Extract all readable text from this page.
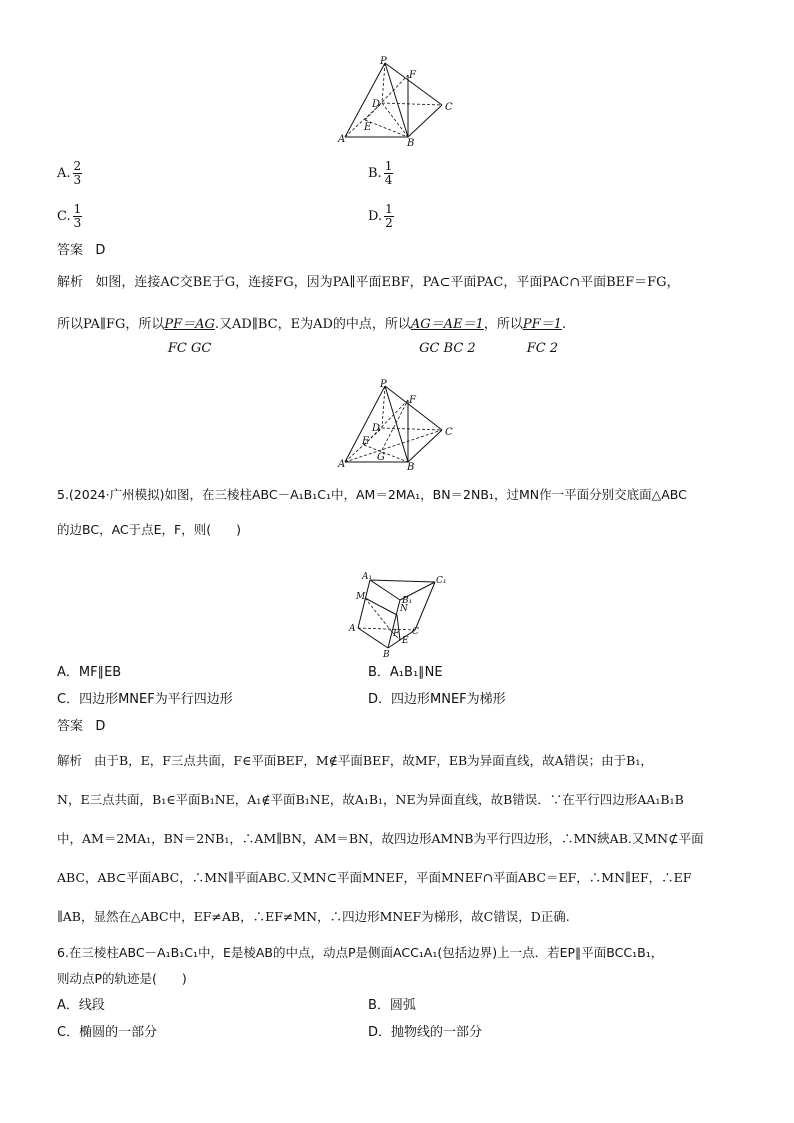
P
F
D	C
E
A	B
A. $\frac{2}{3}$	B. $\frac{1}{4}$
C. $\frac{1}{3}$	D. $\frac{1}{2}$
答案 D
解析 如图，连接AC交BE于G，连接FG，因为PA∥平面EBF，PA⊂平面PAC，平面PAC∩平面BEF＝FG，
所以PA∥FG，所以 $\frac{PF=AG}{\text{FC GC}}$ .又AD∥BC，E为AD的中点，所以 $\frac{AG=AE=1}{\text{GC BC 2}}$ ，所以 $\frac{PF=1}{FC 2}$ .
P
F
D	C
E
A
G
B
5.(2024·广州模拟)如图，在三棱柱ABC－A₁B₁C₁中，AM＝2MA₁，BN＝2NB₁，过MN作一平面分别交底面△ABC
的边BC，AC于点E，F，则(　　)
A₁	C₁
B₁
M
N
A	F C
E
B
A．MF∥EB	B．A₁B₁∥NE
C．四边形MNEF为平行四边形	D．四边形MNEF为梯形
答案 D
解析 由于B，E，F三点共面，F∈平面BEF，M∉平面BEF，故MF，EB为异面直线，故A错误；由于B₁，
N，E三点共面，B₁∈平面B₁NE，A₁∉平面B₁NE，故A₁B₁，NE为异面直线，故B错误．∵在平行四边形AA₁B₁B
中，AM＝2MA₁，BN＝2NB₁，∴AM∥BN，AM＝BN，故四边形AMNB为平行四边形，∴MN綊AB.又MN⊄平面
ABC，AB⊂平面ABC，∴MN∥平面ABC.又MN⊂平面MNEF，平面MNEF∩平面ABC＝EF，∴MN∥EF，∴EF
∥AB，显然在△ABC中，EF≠AB，∴EF≠MN，∴四边形MNEF为梯形，故C错误，D正确.
6.在三棱柱ABC－A₁B₁C₁中，E是棱AB的中点，动点P是侧面ACC₁A₁(包括边界)上一点．若EP∥平面BCC₁B₁，
则动点P的轨迹是(　　)
A．线段	B．圆弧
C．椭圆的一部分	D．抛物线的一部分
